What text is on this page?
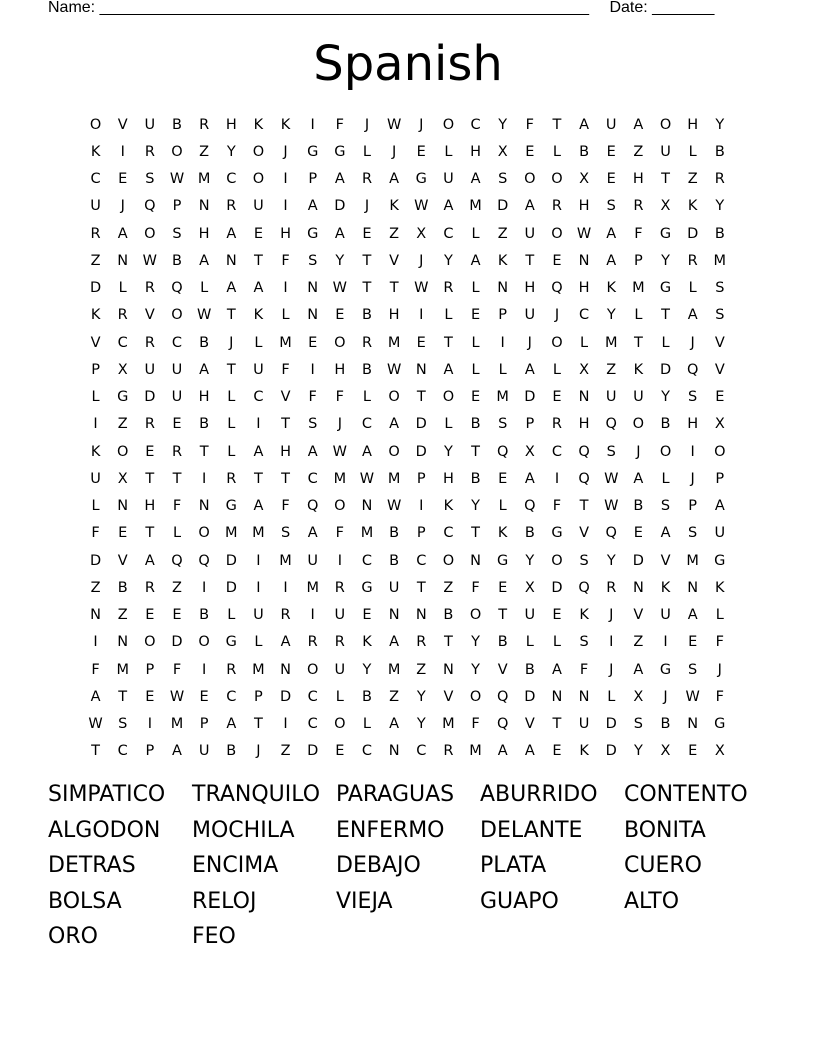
Name: _______________________________________________________ Date: _______
Spanish
O	V	U	B	R	H	K	K	I	F	J	W	J	O	C	Y	F	T	A	U	A	O	H	Y
K	I	R	O	Z	Y	O	J	G	G	L	J	E	L	H	X	E	L	B	E	Z	U	L	B
C	E	S	W M	C	O	I	P	A	R	A	G	U	A	S	O	O	X	E	H	T	Z	R
U	J	Q	P	N	R	U	I	A	D	J	K	W	A	M	D	A	R	H	S	R	X	K	Y
R	A	O	S	H	A	E	H	G	A	E	Z	X	C	L	Z	U	O W	A	F	G	D	B
Z	N	W	B	A	N	T	F	S	Y	T	V	J	Y	A	K	T	E	N	A	P	Y	R	M
D	L	R	Q	L	A	A	I	N	W	T	T	W	R	L	N	H	Q	H	K	M	G	L	S
K	R	V	O W	T	K	L	N	E	B	H	I	L	E	P	U	J	C	Y	L	T	A	S
V	C	R	C	B	J	L	M	E	O	R	M	E	T	L	I	J	O	L	M	T	L	J	V
P	X	U	U	A	T	U	F	I	H	B	W	N	A	L	L	A	L	X	Z	K	D	Q	V
L	G	D	U	H	L	C	V	F	F	L	O	T	O	E	M	D	E	N	U	U	Y	S	E
I	Z	R	E	B	L	I	T	S	J	C	A	D	L	B	S	P	R	H	Q	O	B	H	X
K	O	E	R	T	L	A	H	A	W	A	O	D	Y	T	Q	X	C	Q	S	J	O	I	O
U	X	T	T	I	R	T	T	C	M W M	P	H	B	E	A	I	Q W	A	L	J	P
L	N	H	F	N	G	A	F	Q	O	N	W	I	K	Y	L	Q	F	T	W	B	S	P	A
F	E	T	L	O	M	M	S	A	F	M	B	P	C	T	K	B	G	V	Q	E	A	S	U
D	V	A	Q	Q	D	I	M	U	I	C	B	C	O	N	G	Y	O	S	Y	D	V	M	G
Z	B	R	Z	I	D	I	I	M	R	G	U	T	Z	F	E	X	D	Q	R	N	K	N	K
N	Z	E	E	B	L	U	R	I	U	E	N	N	B	O	T	U	E	K	J	V	U	A	L
I	N	O	D	O	G	L	A	R	R	K	A	R	T	Y	B	L	L	S	I	Z	I	E	F
F	M	P	F	I	R	M	N	O	U	Y	M	Z	N	Y	V	B	A	F	J	A	G	S	J
A	T	E	W	E	C	P	D	C	L	B	Z	Y	V	O	Q	D	N	N	L	X	J	W	F
W	S	I	M	P	A	T	I	C	O	L	A	Y	M	F	Q	V	T	U	D	S	B	N	G
T	C	P	A	U	B	J	Z	D	E	C	N	C	R	M	A	A	E	K	D	Y	X	E	X
SIMPATICO	TRANQUILO PARAGUAS	ABURRIDO	CONTENTO
ALGODON	MOCHILA	ENFERMO	DELANTE	BONITA
DETRAS	ENCIMA	DEBAJO	PLATA	CUERO
BOLSA	RELOJ	VIEJA	GUAPO	ALTO
ORO	FEO
